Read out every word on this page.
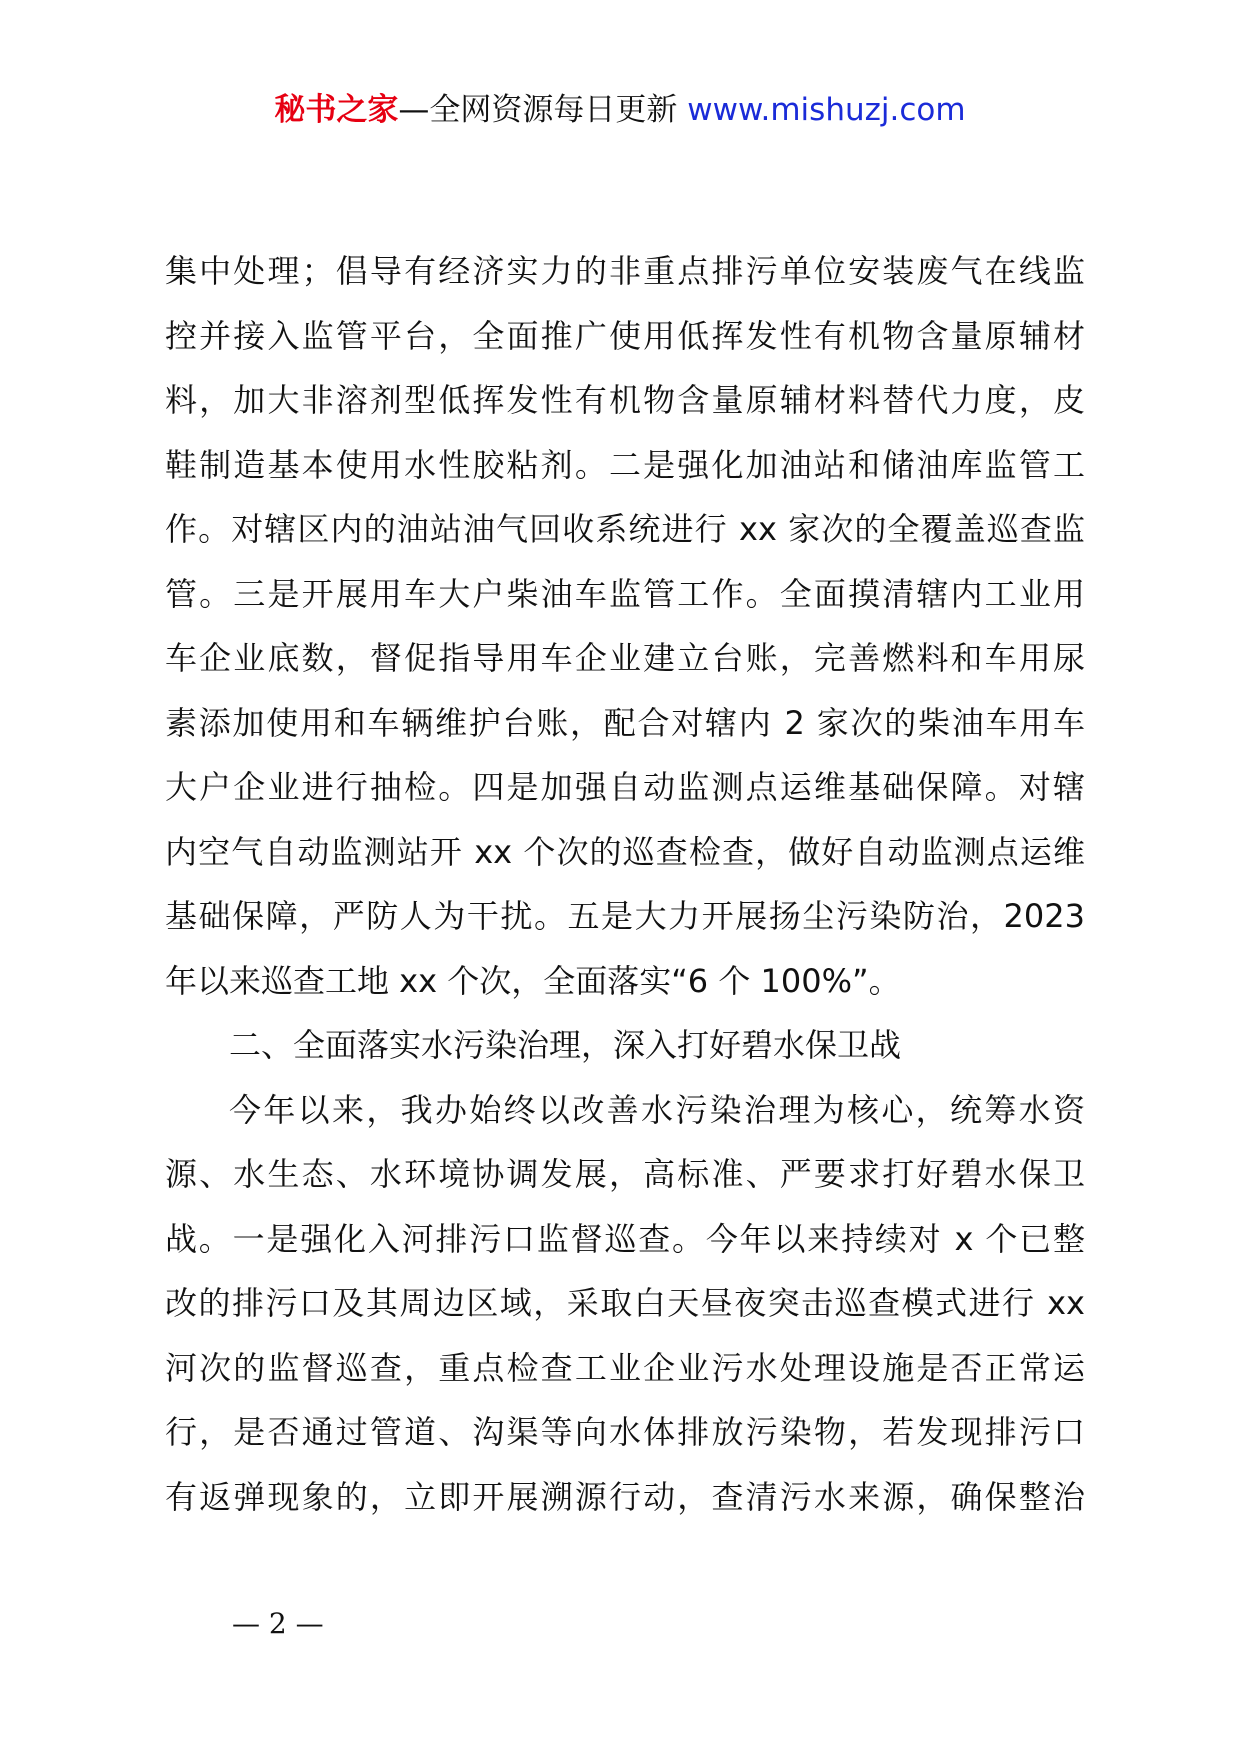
秘书之家—全网资源每日更新 www.mishuzj.com
集中处理；倡导有经济实力的非重点排污单位安装废气在线监
控并接入监管平台，全面推广使用低挥发性有机物含量原辅材
料，加大非溶剂型低挥发性有机物含量原辅材料替代力度，皮
鞋制造基本使用水性胶粘剂。二是强化加油站和储油库监管工
作。对辖区内的油站油气回收系统进行 xx 家次的全覆盖巡查监
管。三是开展用车大户柴油车监管工作。全面摸清辖内工业用
车企业底数，督促指导用车企业建立台账，完善燃料和车用尿
素添加使用和车辆维护台账，配合对辖内 2 家次的柴油车用车
大户企业进行抽检。四是加强自动监测点运维基础保障。对辖
内空气自动监测站开 xx 个次的巡查检查，做好自动监测点运维
基础保障，严防人为干扰。五是大力开展扬尘污染防治，2023
年以来巡查工地 xx 个次，全面落实“6 个 100%”。
二、全面落实水污染治理，深入打好碧水保卫战
今年以来，我办始终以改善水污染治理为核心，统筹水资
源、水生态、水环境协调发展，高标准、严要求打好碧水保卫
战。一是强化入河排污口监督巡查。今年以来持续对 x 个已整
改的排污口及其周边区域，采取白天昼夜突击巡查模式进行 xx
河次的监督巡查，重点检查工业企业污水处理设施是否正常运
行，是否通过管道、沟渠等向水体排放污染物，若发现排污口
有返弹现象的，立即开展溯源行动，查清污水来源，确保整治
— 2 —
